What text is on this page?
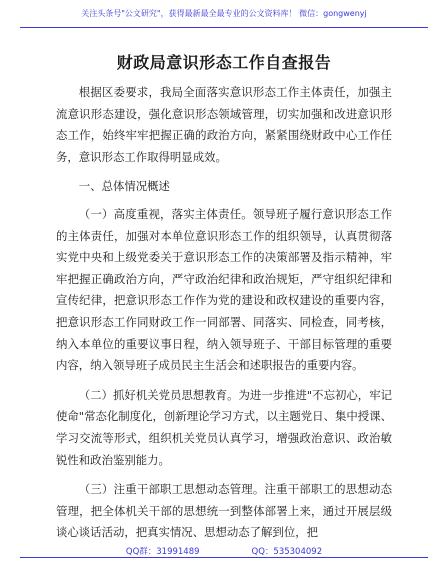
关注头条号"公文研究"，获得最新最全最专业的公文资料库！ 微信：gongwenyj
财政局意识形态工作自查报告

根据区委要求，我局全面落实意识形态工作主体责任，加强主流意识形态建设，强化意识形态领域管理，切实加强和改进意识形态工作，始终牢牢把握正确的政治方向，紧紧围绕财政中心工作任务，意识形态工作取得明显成效。

一、总体情况概述

（一）高度重视，落实主体责任。领导班子履行意识形态工作的主体责任，加强对本单位意识形态工作的组织领导，认真贯彻落实党中央和上级党委关于意识形态工作的决策部署及指示精神，牢牢把握正确政治方向，严守政治纪律和政治规矩，严守组织纪律和宣传纪律，把意识形态工作作为党的建设和政权建设的重要内容，把意识形态工作同财政工作一同部署、同落实、同检查，同考核，纳入本单位的重要议事日程，纳入领导班子、干部目标管理的重要内容，纳入领导班子成员民主生活会和述职报告的重要内容。

（二）抓好机关党员思想教育。为进一步推进"不忘初心，牢记使命"常态化制度化，创新理论学习方式，以主题党日、集中授课、学习交流等形式，组织机关党员认真学习，增强政治意识、政治敏锐性和政治鉴别能力。

（三）注重干部职工思想动态管理。注重干部职工的思想动态管理，把全体机关干部的思想统一到整体部署上来，通过开展层级谈心谈话活动，把真实情况、思想动态了解到位，把

QQ群：31991489	QQ：535304092
